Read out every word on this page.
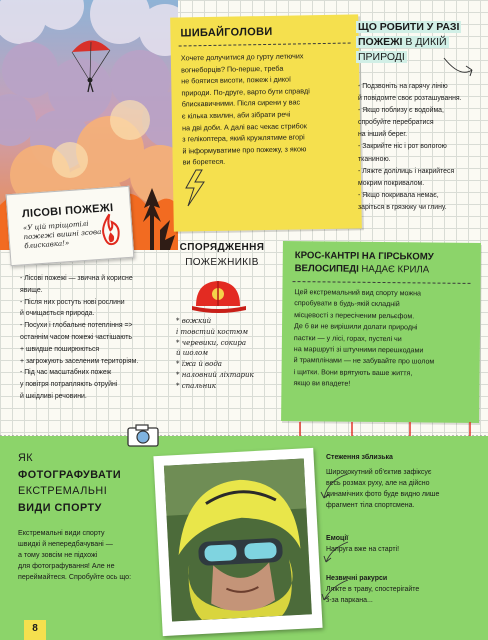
ШИБАЙГОЛОВИ
Хочете долучитися до гурту летючих
вогнеборців? По-перше, треба
не боятися висоти, пожеж і дикої
природи. По-друге, варто бути справді
блискавичними. Після сирени у вас
є кілька хвилин, аби зібрати речі
на дві доби. А далі вас чекає стрибок
з гелікоптера, який кружлятиме вгорі
й інформуватиме про пожежу, з якою
ви боретеся.
ЩО РОБИТИ У РАЗІ
ПОЖЕЖІ В ДИКІЙ
ПРИРОДІ

- Подзвоніть на гарячу лінію

й повідомте своє розташування.

- Якщо поблизу є водойма,

спробуйте перебратися

на інший берег.

- Закрийте ніс і рот вологою

тканиною.

- Ляжте долілиць і накрийтеся

мокрим покривалом.

- Якщо покривала немає,

заріться в грязюку чи глину.

ЛІСОВІ ПОЖЕЖІ
«У цій тріщотілі пожежі вишні зсова блискавка!»

- Лісові пожежі — звична й корисне

явище.

- Після них ростуть нові рослини

й очищається природа.

- Посухи і глобальне потепління =>

останнім часом пожежі частішають

+ швидше поширюються

+ загрожують заселеним територіям.

- Під час масштабних пожеж

у повітря потрапляють отруйні

й шкідливі речовини.

СПОРЯДЖЕННЯ
ПОЖЕЖНИКІВ
* вожкий
і товстий костюм
* черевики, сокира
й шолом
* їжа й вода
* наловний ліхтарик
* спальник
КРОС-КАНТРІ НА ГІРСЬКОМУ
ВЕЛОСИПЕДІ НАДАЄ КРИЛА
Цей екстремальний вид спорту можна
спробувати в будь-якій складній
місцевості з пересіченим рельєфом.
Де б ви не вирішили долати природні
пастки — у лісі, горах, пустелі чи
на маршруті зі штучними перешкодами
й трамплінами — не забувайте про шолом
і щитки. Вони врятують ваше життя,
якщо ви впадете!
ЯК
ФОТОГРАФУВАТИ
ЕКСТРЕМАЛЬНІ
ВИДИ СПОРТУ
Екстремальні види спорту
швидкі й непередбачувані —
а тому зовсім не підхожі
для фотографування! Але не
переймайтеся. Спробуйте ось що:
8

Стеження зблизька

Ширококутний об'єктив зафіксує

весь розмах руху, але на дійсно

динамічних фото буде видно лише

фрагмент тіла спортсмена.

Емоції

Напруга вже на старті!

Незвичні ракурси

Ляжте в траву, спостерігайте

з-за паркана...
